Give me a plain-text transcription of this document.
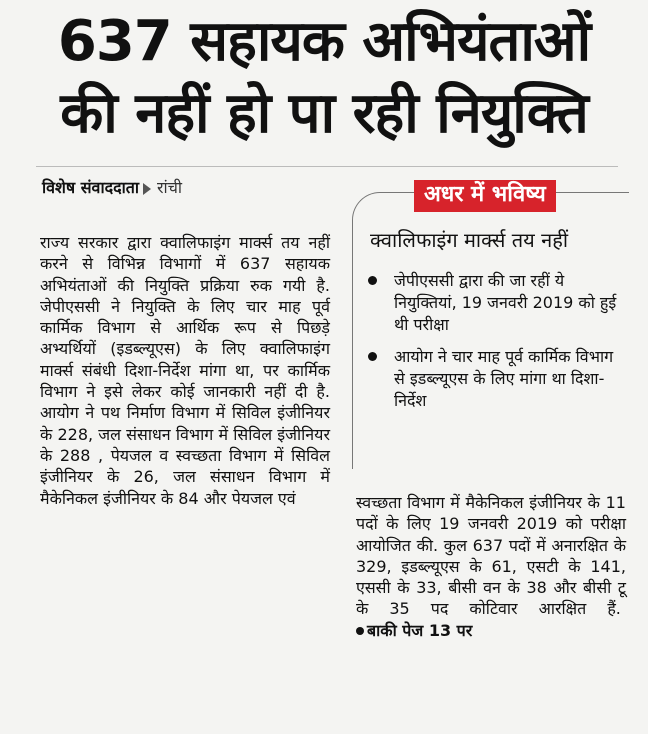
637 सहायक अभियंताओं
की नहीं हो पा रही नियुक्ति
विशेष संवाददाता रांची

राज्य सरकार द्वारा क्वालिफाइंग मार्क्स तय नहीं करने से विभिन्न विभागों में 637 सहायक अभियंताओं की नियुक्ति प्रक्रिया रुक गयी है. जेपीएससी ने नियुक्ति के लिए चार माह पूर्व कार्मिक विभाग से आर्थिक रूप से पिछड़े अभ्यर्थियों (इडब्ल्यूएस) के लिए क्वालिफाइंग मार्क्स संबंधी दिशा-निर्देश मांगा था, पर कार्मिक विभाग ने इसे लेकर कोई जानकारी नहीं दी है. आयोग ने पथ निर्माण विभाग में सिविल इंजीनियर के 228, जल संसाधन विभाग में सिविल इंजीनियर के 288 , पेयजल व स्वच्छता विभाग में सिविल इंजीनियर के 26, जल संसाधन विभाग में मैकेनिकल इंजीनियर के 84 और पेयजल एवं

अधर में भविष्य
क्वालिफाइंग मार्क्स तय नहीं
जेपीएससी द्वारा की जा रहीं ये नियुक्तियां, 19 जनवरी 2019 को हुई थी परीक्षा
आयोग ने चार माह पूर्व कार्मिक विभाग से इडब्ल्यूएस के लिए मांगा था दिशा-निर्देश

स्वच्छता विभाग में मैकेनिकल इंजीनियर के 11 पदों के लिए 19 जनवरी 2019 को परीक्षा आयोजित की. कुल 637 पदों में अनारक्षित के 329, इडब्ल्यूएस के 61, एसटी के 141, एससी के 33, बीसी वन के 38 और बीसी टू के 35 पद कोटिवार आरक्षित हैं. बाकी पेज 13 पर
